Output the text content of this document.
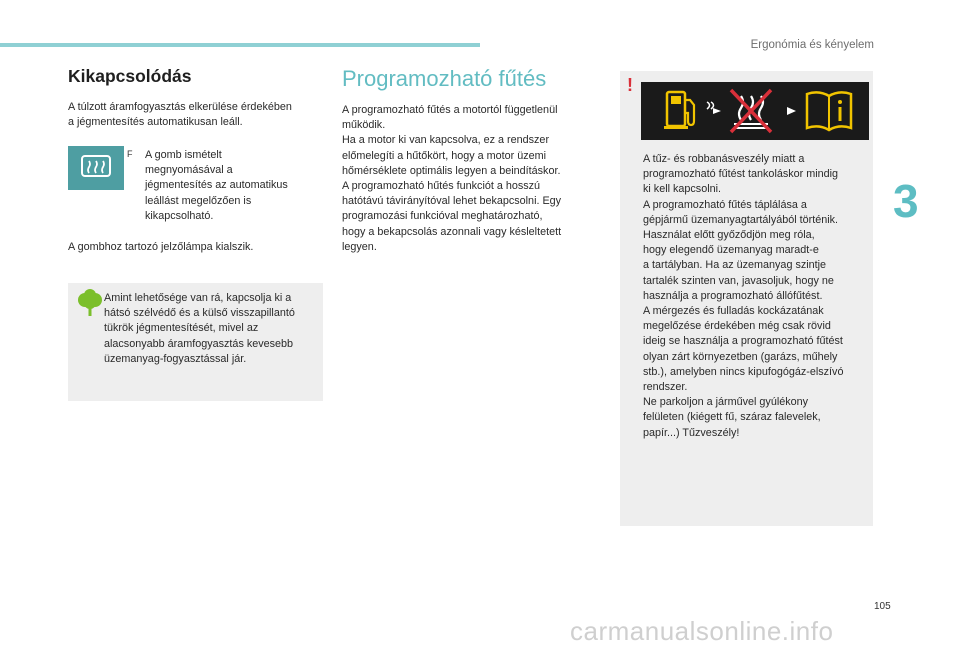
Ergonómia és kényelem
3
Kikapcsolódás

A túlzott áramfogyasztás elkerülése érdekében
a jégmentesítés automatikusan leáll.

F A gomb ismételt
megnyomásával a
jégmentesítés az automatikus
leállást megelőzően is
kikapcsolható.

A gombhoz tartozó jelzőlámpa kialszik.

Amint lehetősége van rá, kapcsolja ki a
hátsó szélvédő és a külső visszapillantó
tükrök jégmentesítését, mivel az
alacsonyabb áramfogyasztás kevesebb
üzemanyag-fogyasztással jár.

Programozható fűtés

A programozható fűtés a motortól függetlenül
működik.
Ha a motor ki van kapcsolva, ez a rendszer
előmelegíti a hűtőkört, hogy a motor üzemi
hőmérséklete optimális legyen a beindításkor.
A programozható hűtés funkciót a hosszú
hatótávú távirányítóval lehet bekapcsolni. Egy
programozási funkcióval meghatározható,
hogy a bekapcsolás azonnali vagy késleltetett
legyen.

!

A tűz- és robbanásveszély miatt a
programozható fűtést tankoláskor mindig
ki kell kapcsolni.
A programozható fűtés táplálása a
gépjármű üzemanyagtartályából történik.
Használat előtt győződjön meg róla,
hogy elegendő üzemanyag maradt-e
a tartályban. Ha az üzemanyag szintje
tartalék szinten van, javasoljuk, hogy ne
használja a programozható állófűtést.
A mérgezés és fulladás kockázatának
megelőzése érdekében még csak rövid
ideig se használja a programozható fűtést
olyan zárt környezetben (garázs, műhely
stb.), amelyben nincs kipufogógáz-elszívó
rendszer.
Ne parkoljon a járművel gyúlékony
felületen (kiégett fű, száraz falevelek,
papír...) Tűzveszély!

105
carmanualsonline.info
